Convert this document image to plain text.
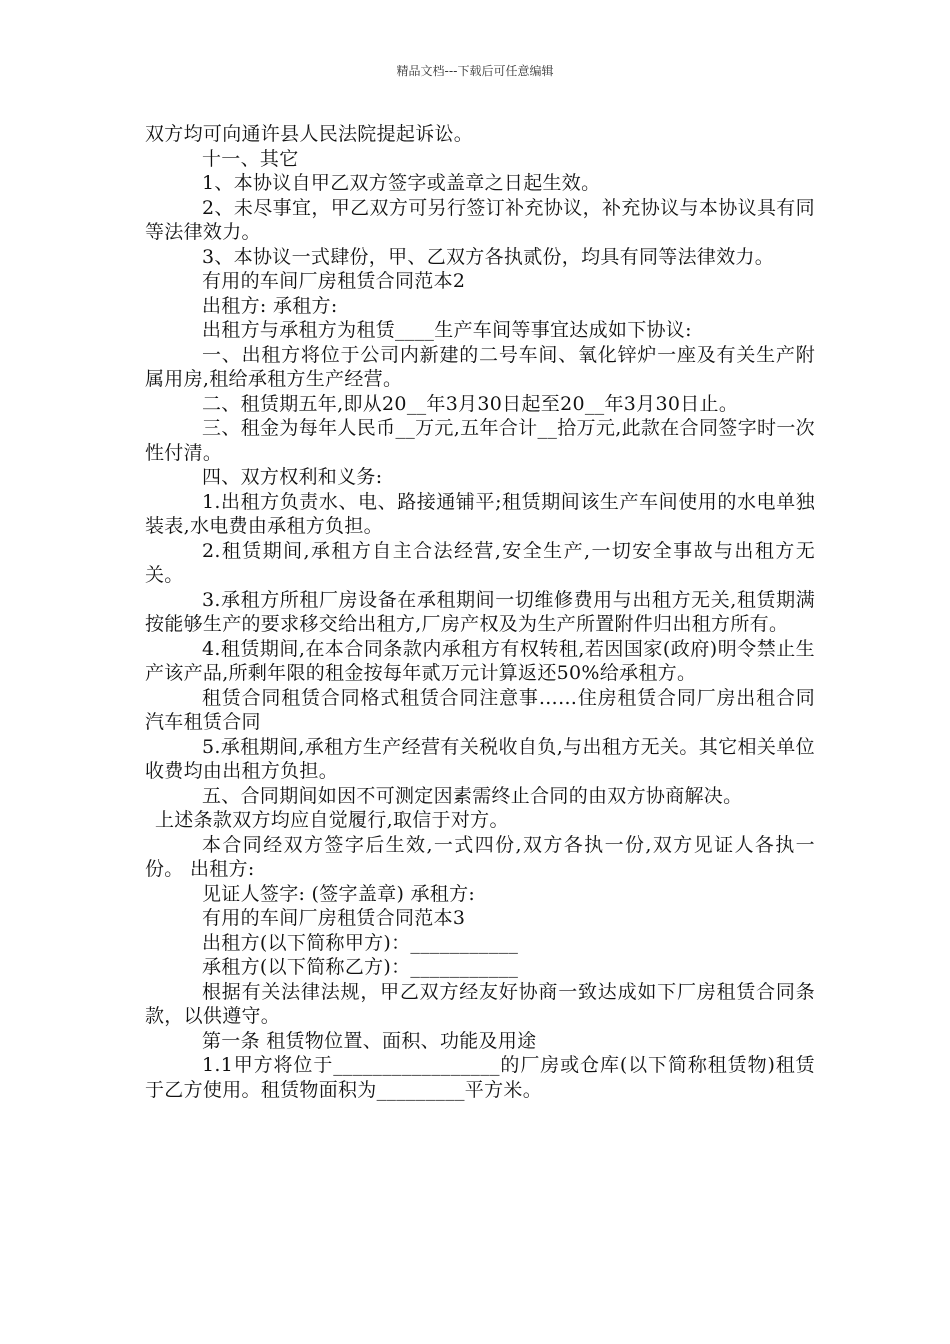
精品文档---下载后可任意编辑

双方均可向通许县人民法院提起诉讼。

十一、其它

1、本协议自甲乙双方签字或盖章之日起生效。

2、未尽事宜，甲乙双方可另行签订补充协议，补充协议与本协议具有同等法律效力。

3、本协议一式肆份，甲、乙双方各执贰份，均具有同等法律效力。

有用的车间厂房租赁合同范本2

出租方: 承租方:

出租方与承租方为租赁____生产车间等事宜达成如下协议:

一、出租方将位于公司内新建的二号车间、氧化锌炉一座及有关生产附属用房,租给承租方生产经营。

二、租赁期五年,即从20__年3月30日起至20__年3月30日止。

三、租金为每年人民币__万元,五年合计__拾万元,此款在合同签字时一次性付清。

四、双方权利和义务:

1.出租方负责水、电、路接通铺平;租赁期间该生产车间使用的水电单独装表,水电费由承租方负担。

2.租赁期间,承租方自主合法经营,安全生产,一切安全事故与出租方无关。

3.承租方所租厂房设备在承租期间一切维修费用与出租方无关,租赁期满按能够生产的要求移交给出租方,厂房产权及为生产所置附件归出租方所有。

4.租赁期间,在本合同条款内承租方有权转租,若因国家(政府)明令禁止生产该产品,所剩年限的租金按每年贰万元计算返还50%给承租方。

租赁合同租赁合同格式租赁合同注意事……住房租赁合同厂房出租合同汽车租赁合同

5.承租期间,承租方生产经营有关税收自负,与出租方无关。其它相关单位收费均由出租方负担。

五、合同期间如因不可测定因素需终止合同的由双方协商解决。

上述条款双方均应自觉履行,取信于对方。

本合同经双方签字后生效,一式四份,双方各执一份,双方见证人各执一份。 出租方:

见证人签字: (签字盖章) 承租方:

有用的车间厂房租赁合同范本3

出租方(以下简称甲方)：___________

承租方(以下简称乙方)：___________

根据有关法律法规，甲乙双方经友好协商一致达成如下厂房租赁合同条款，以供遵守。

第一条 租赁物位置、面积、功能及用途

1.1甲方将位于_________________的厂房或仓库(以下简称租赁物)租赁于乙方使用。租赁物面积为_________平方米。
